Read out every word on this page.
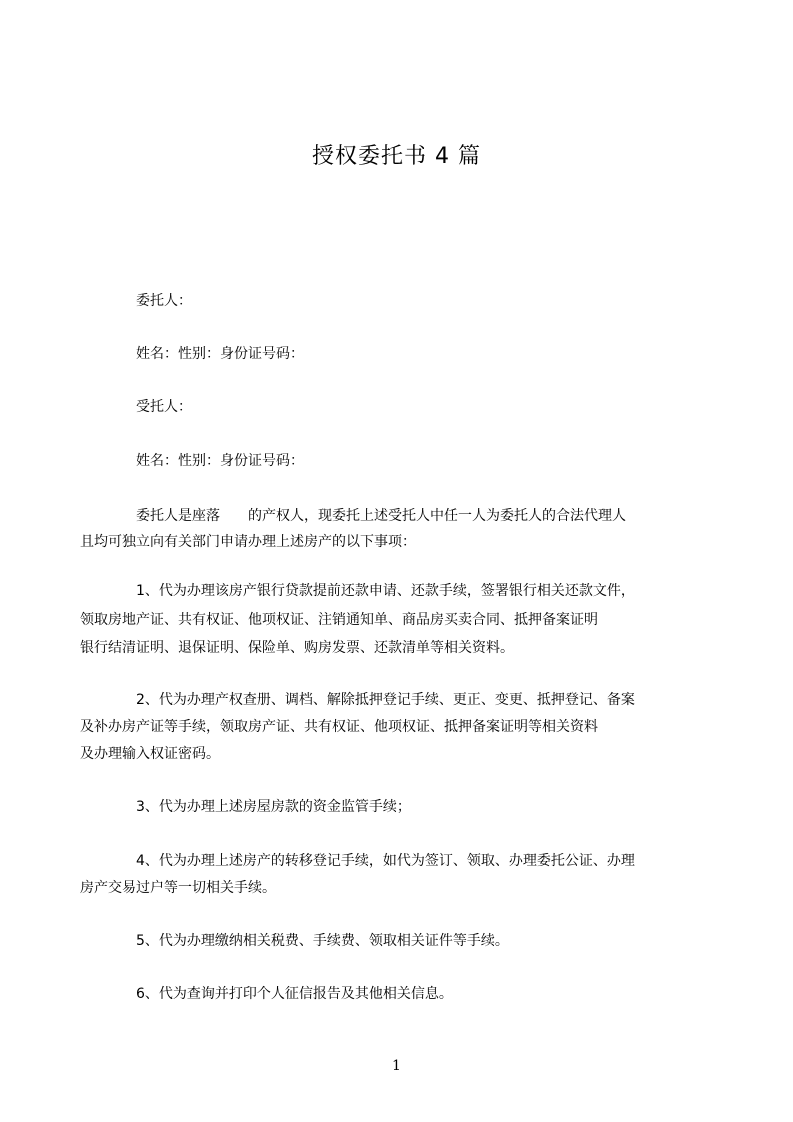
授权委托书 4 篇
委托人：
姓名：性别：身份证号码：
受托人：
姓名：性别：身份证号码：
委托人是座落　　的产权人，现委托上述受托人中任一人为委托人的合法代理人
且均可独立向有关部门申请办理上述房产的以下事项：
1、代为办理该房产银行贷款提前还款申请、还款手续，签署银行相关还款文件，
领取房地产证、共有权证、他项权证、注销通知单、商品房买卖合同、抵押备案证明
银行结清证明、退保证明、保险单、购房发票、还款清单等相关资料。
2、代为办理产权查册、调档、解除抵押登记手续、更正、变更、抵押登记、备案
及补办房产证等手续，领取房产证、共有权证、他项权证、抵押备案证明等相关资料
及办理输入权证密码。
3、代为办理上述房屋房款的资金监管手续；
4、代为办理上述房产的转移登记手续，如代为签订、领取、办理委托公证、办理
房产交易过户等一切相关手续。
5、代为办理缴纳相关税费、手续费、领取相关证件等手续。
6、代为查询并打印个人征信报告及其他相关信息。
1
